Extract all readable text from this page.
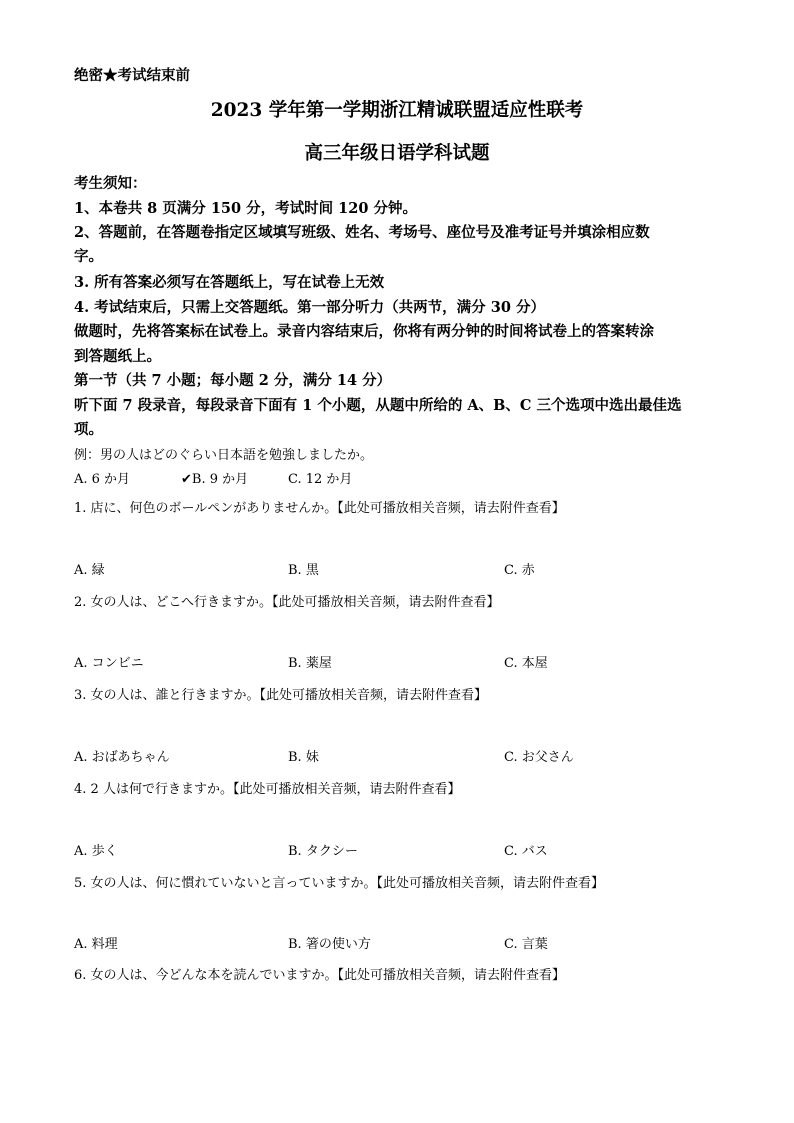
绝密★考试结束前
2023 学年第一学期浙江精诚联盟适应性联考
高三年级日语学科试题
考生须知：
1、本卷共 8 页满分 150 分，考试时间 120 分钟。
2、答题前，在答题卷指定区域填写班级、姓名、考场号、座位号及准考证号并填涂相应数
字。
3. 所有答案必须写在答题纸上，写在试卷上无效
4. 考试结束后，只需上交答题纸。第一部分听力（共两节，满分 30 分）
做题时，先将答案标在试卷上。录音内容结束后，你将有两分钟的时间将试卷上的答案转涂
到答题纸上。
第一节（共 7 小题；每小题 2 分，满分 14 分）
听下面 7 段录音，每段录音下面有 1 个小题，从题中所给的 A、B、C 三个选项中选出最佳选
项。
例：男の人はどのぐらい日本語を勉強しましたか。
A. 6 か月	✔B. 9 か月	C. 12 か月
1. 店に、何色のボールペンがありませんか。【此处可播放相关音频，请去附件查看】
A. 緑	B. 黒	C. 赤
2. 女の人は、どこへ行きますか。【此处可播放相关音频，请去附件查看】
A. コンビニ	B. 薬屋	C. 本屋
3. 女の人は、誰と行きますか。【此处可播放相关音频，请去附件查看】
A. おばあちゃん	B. 妹	C. お父さん
4. 2 人は何で行きますか。【此处可播放相关音频，请去附件查看】
A. 歩く	B. タクシー	C. バス
5. 女の人は、何に慣れていないと言っていますか。【此处可播放相关音频，请去附件查看】
A. 料理	B. 箸の使い方	C. 言葉
6. 女の人は、今どんな本を読んでいますか。【此处可播放相关音频，请去附件查看】
